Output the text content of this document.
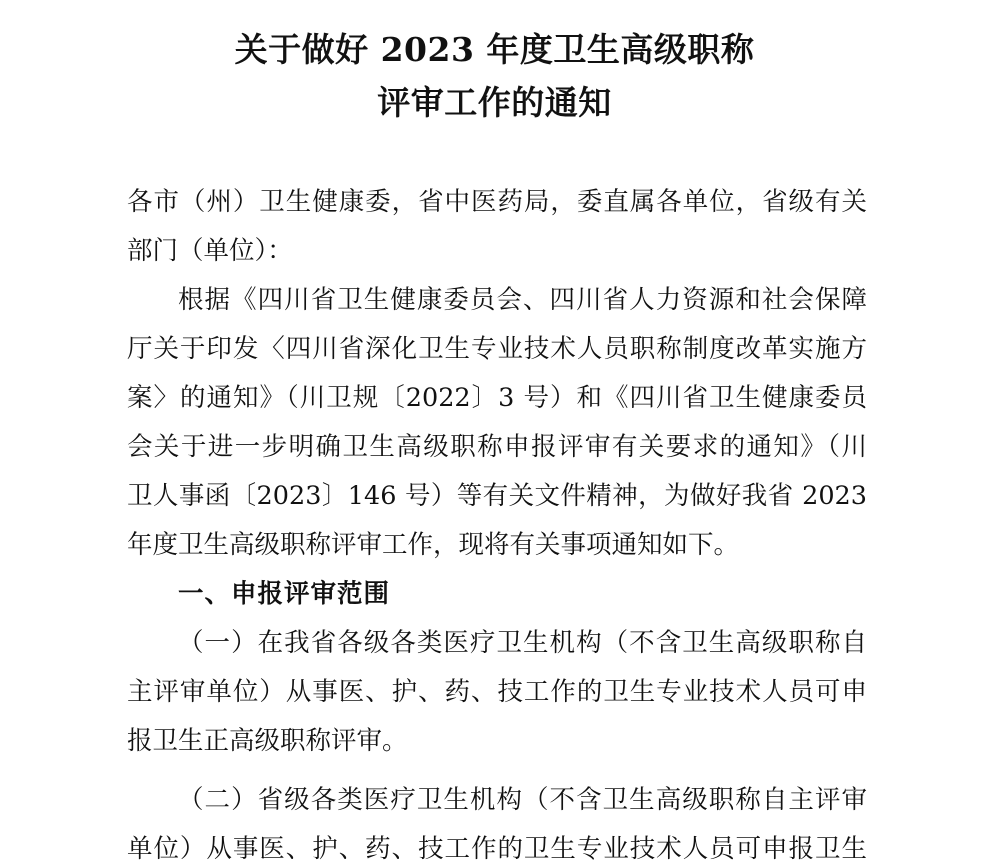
关于做好 2023 年度卫生高级职称
评审工作的通知
各市（州）卫生健康委，省中医药局，委直属各单位，省级有关
部门（单位）：
根据《四川省卫生健康委员会、四川省人力资源和社会保障
厅关于印发〈四川省深化卫生专业技术人员职称制度改革实施方
案〉的通知》（川卫规〔2022〕3 号）和《四川省卫生健康委员
会关于进一步明确卫生高级职称申报评审有关要求的通知》（川
卫人事函〔2023〕146 号）等有关文件精神，为做好我省 2023
年度卫生高级职称评审工作，现将有关事项通知如下。
一、申报评审范围
（一）在我省各级各类医疗卫生机构（不含卫生高级职称自
主评审单位）从事医、护、药、技工作的卫生专业技术人员可申
报卫生正高级职称评审。
（二）省级各类医疗卫生机构（不含卫生高级职称自主评审
单位）从事医、护、药、技工作的卫生专业技术人员可申报卫生
